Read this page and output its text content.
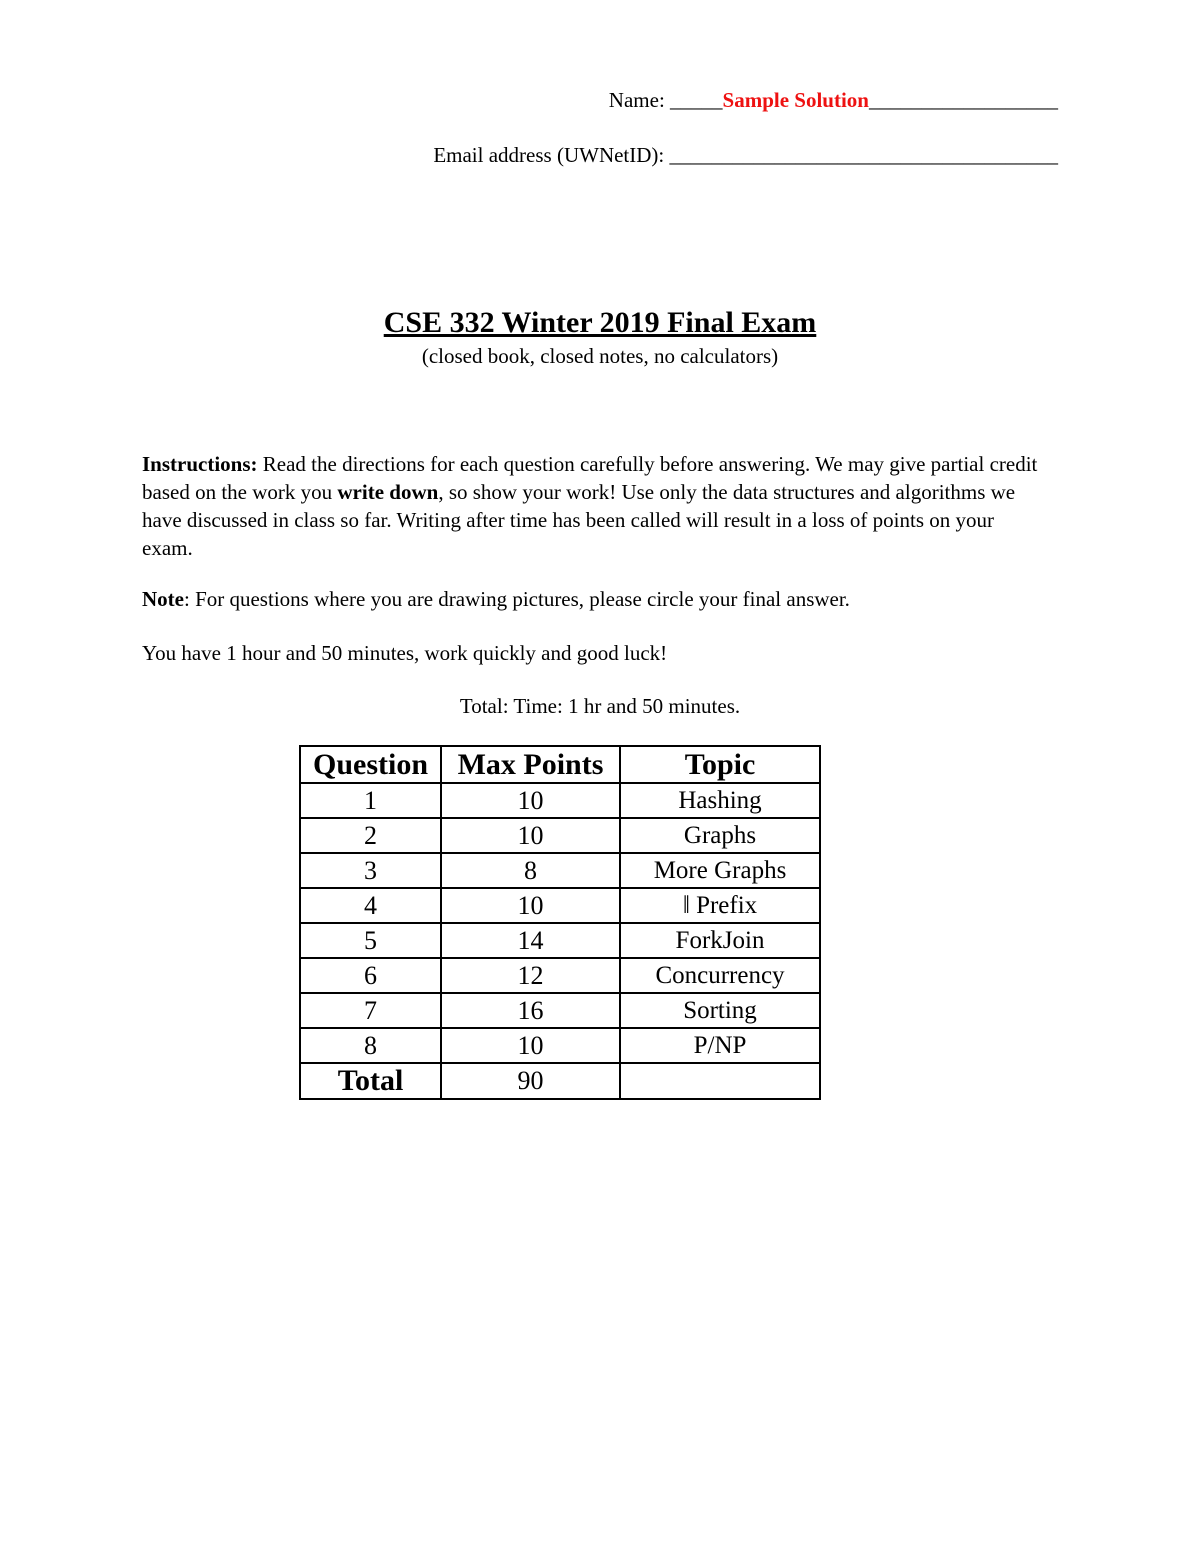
Name: _____Sample Solution__________________
Email address (UWNetID): _____________________________________
CSE 332 Winter 2019 Final Exam
(closed book, closed notes, no calculators)
Instructions: Read the directions for each question carefully before answering. We may give partial credit based on the work you write down, so show your work! Use only the data structures and algorithms we have discussed in class so far. Writing after time has been called will result in a loss of points on your exam.
Note: For questions where you are drawing pictures, please circle your final answer.
You have 1 hour and 50 minutes, work quickly and good luck!
Total: Time: 1 hr and 50 minutes.
Question	Max Points	Topic
1	10	Hashing
2	10	Graphs
3	8	More Graphs
4	10	‖ Prefix
5	14	ForkJoin
6	12	Concurrency
7	16	Sorting
8	10	P/NP
Total	90	
